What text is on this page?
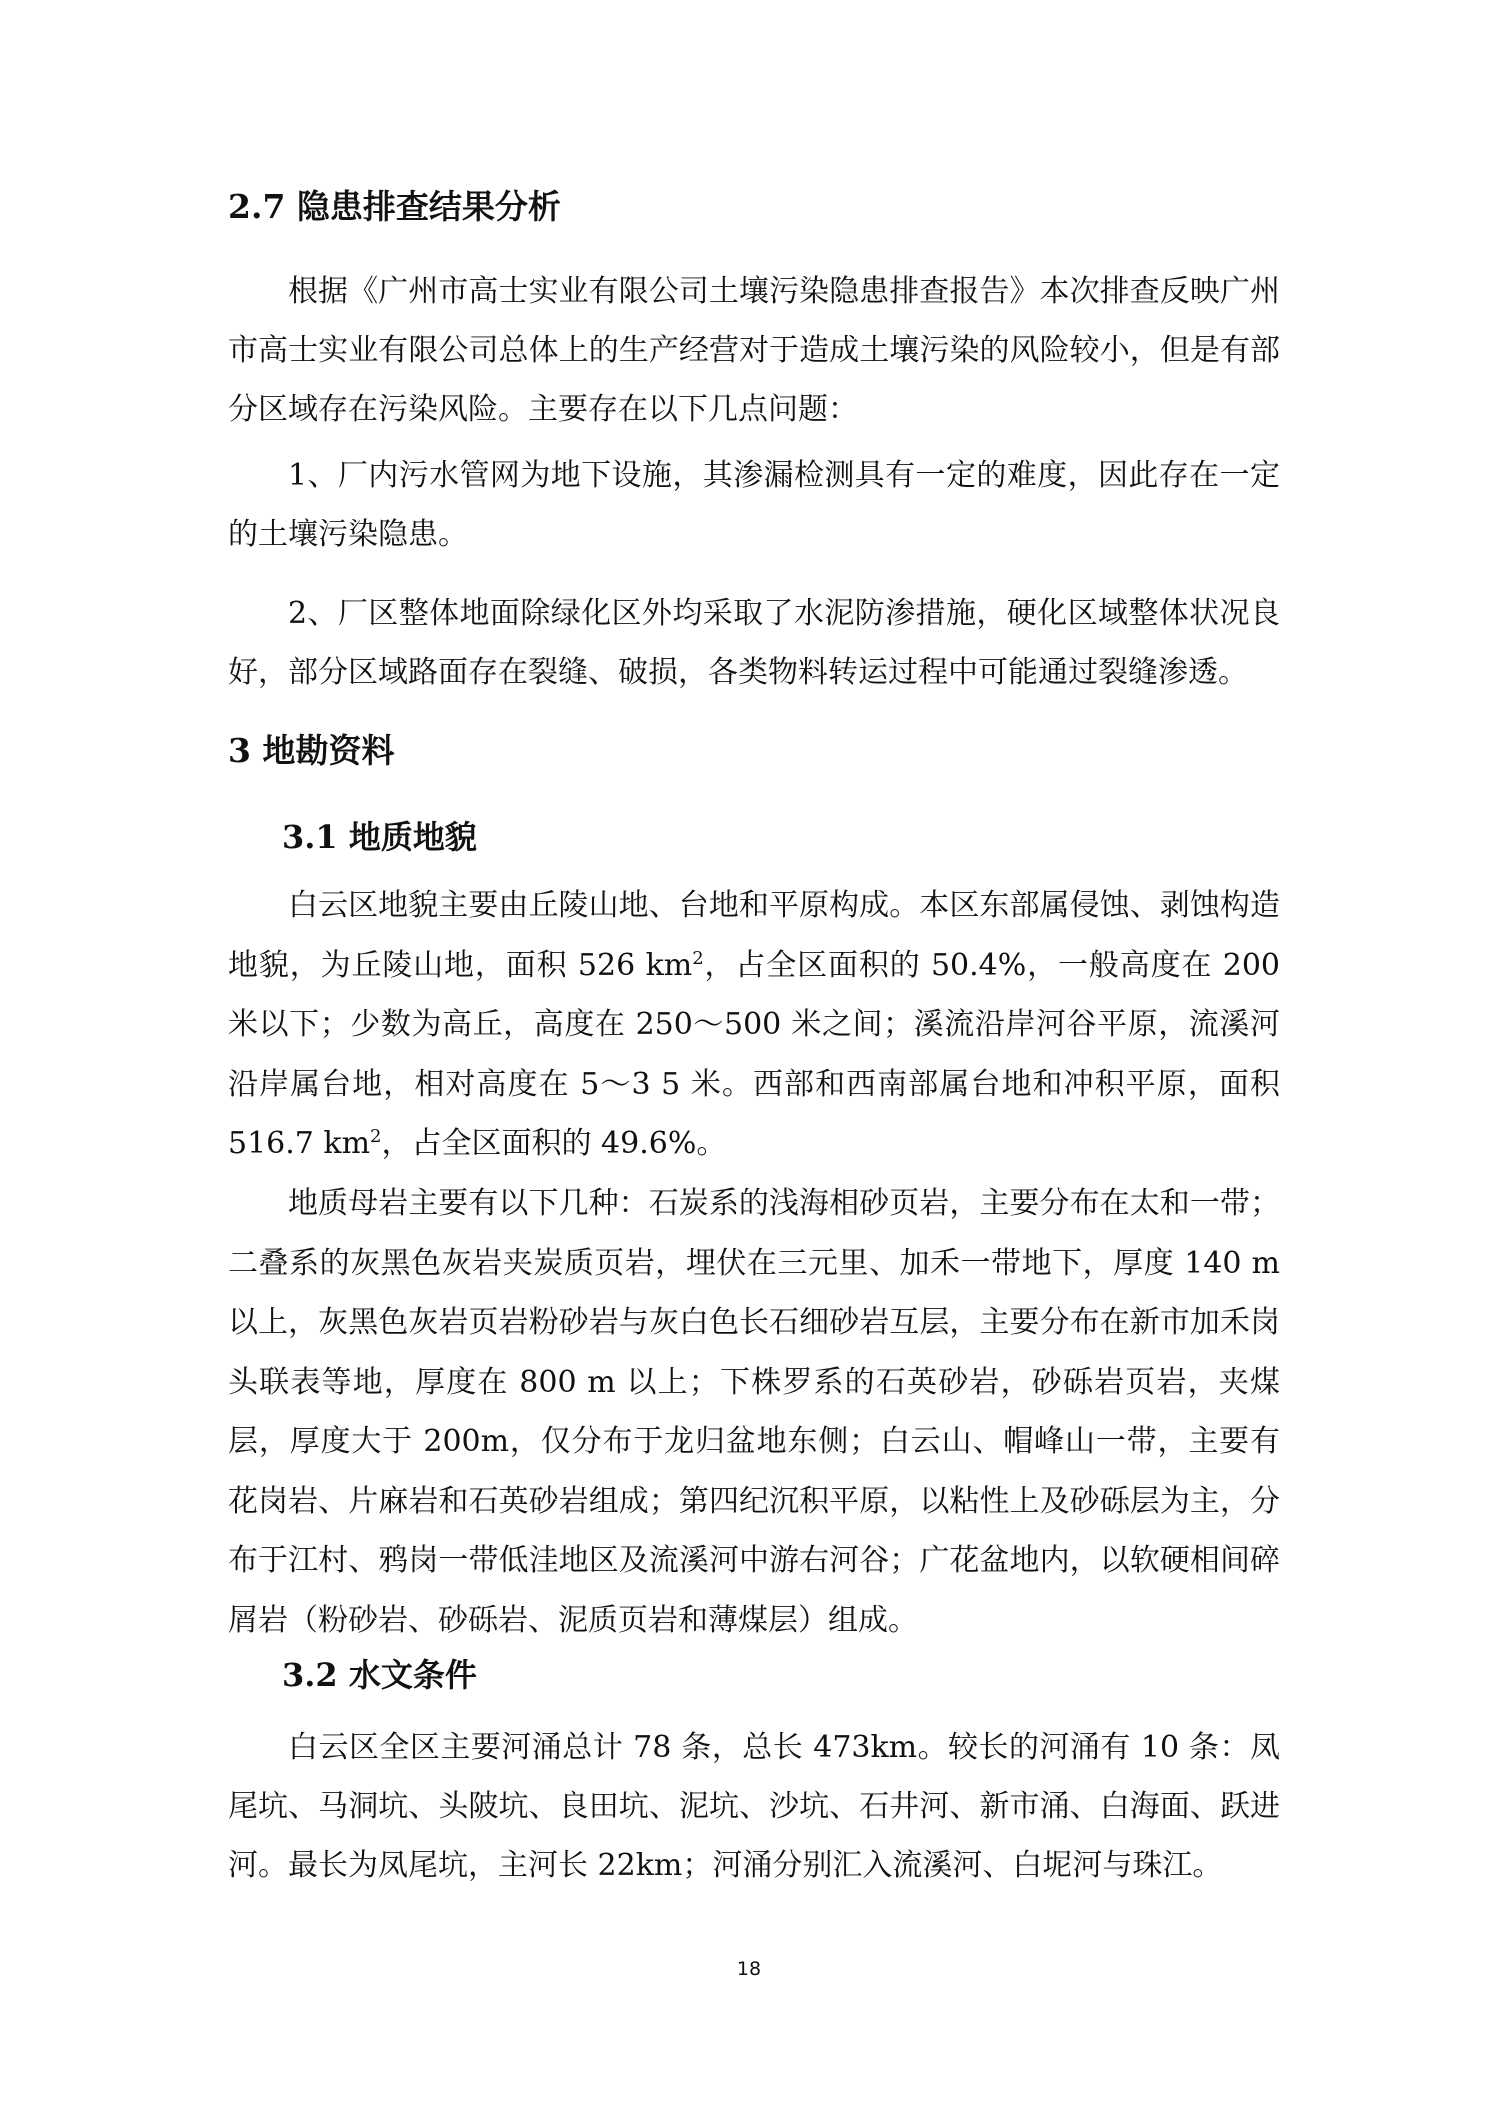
2.7 隐患排查结果分析

根据《广州市高士实业有限公司土壤污染隐患排查报告》本次排查反映广州市高士实业有限公司总体上的生产经营对于造成土壤污染的风险较小，但是有部分区域存在污染风险。主要存在以下几点问题：

1、厂内污水管网为地下设施，其渗漏检测具有一定的难度，因此存在一定的土壤污染隐患。

2、厂区整体地面除绿化区外均采取了水泥防渗措施，硬化区域整体状况良好，部分区域路面存在裂缝、破损，各类物料转运过程中可能通过裂缝渗透。

3 地勘资料
3.1 地质地貌

白云区地貌主要由丘陵山地、台地和平原构成。本区东部属侵蚀、剥蚀构造地貌，为丘陵山地，面积 526 $km^2$，占全区面积的 50.4%，一般高度在 200 米以下；少数为高丘，高度在 250～500 米之间；溪流沿岸河谷平原，流溪河沿岸属台地，相对高度在 5～3 5 米。西部和西南部属台地和冲积平原，面积 516.7 $km^2$，占全区面积的 49.6%。

地质母岩主要有以下几种：石炭系的浅海相砂页岩，主要分布在太和一带；二叠系的灰黑色灰岩夹炭质页岩，埋伏在三元里、加禾一带地下，厚度 140 m 以上，灰黑色灰岩页岩粉砂岩与灰白色长石细砂岩互层，主要分布在新市加禾岗头联表等地，厚度在 800 m 以上；下株罗系的石英砂岩，砂砾岩页岩，夹煤层，厚度大于 200m，仅分布于龙归盆地东侧；白云山、帽峰山一带，主要有花岗岩、片麻岩和石英砂岩组成；第四纪沉积平原，以粘性上及砂砾层为主，分布于江村、鸦岗一带低洼地区及流溪河中游右河谷；广花盆地内，以软硬相间碎屑岩（粉砂岩、砂砾岩、泥质页岩和薄煤层）组成。

3.2 水文条件

白云区全区主要河涌总计 78 条，总长 473km。较长的河涌有 10 条：凤尾坑、马洞坑、头陂坑、良田坑、泥坑、沙坑、石井河、新市涌、白海面、跃进河。最长为凤尾坑，主河长 22km；河涌分别汇入流溪河、白坭河与珠江。

18
